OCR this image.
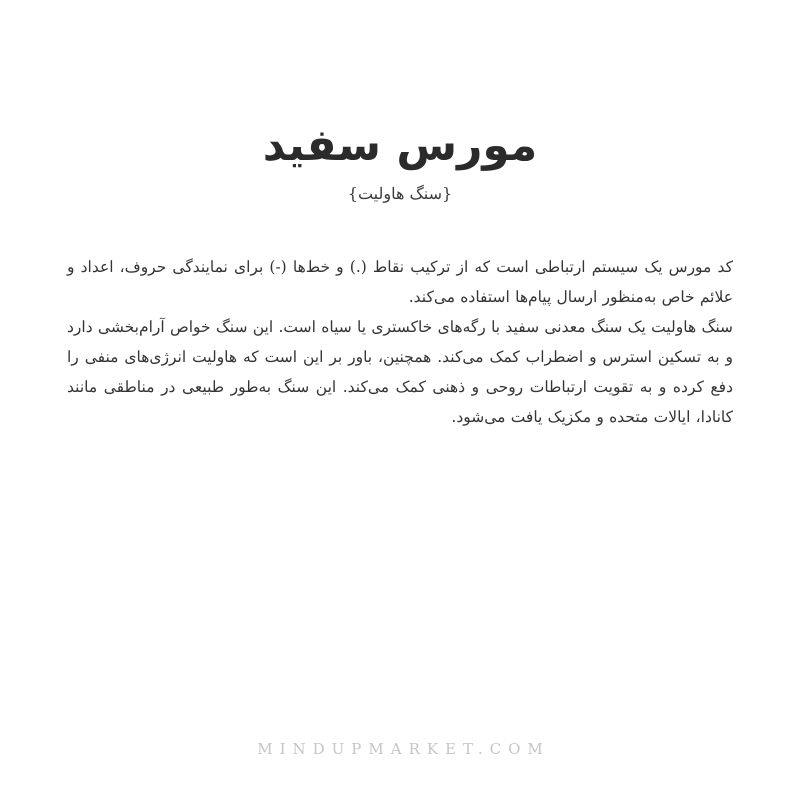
مورس سفید
{سنگ هاولیت}

کد مورس یک سیستم ارتباطی است که از ترکیب نقاط (.) و خط‌ها (-) برای نمایندگی حروف، اعداد و علائم خاص به‌منظور ارسال پیام‌ها استفاده می‌کند.

سنگ هاولیت یک سنگ معدنی سفید با رگه‌های خاکستری یا سیاه است. این سنگ خواص آرام‌بخشی دارد و به تسکین استرس و اضطراب کمک می‌کند. همچنین، باور بر این است که هاولیت انرژی‌های منفی را دفع کرده و به تقویت ارتباطات روحی و ذهنی کمک می‌کند. این سنگ به‌طور طبیعی در مناطقی مانند کانادا، ایالات متحده و مکزیک یافت می‌شود.

MINDUPMARKET.COM
